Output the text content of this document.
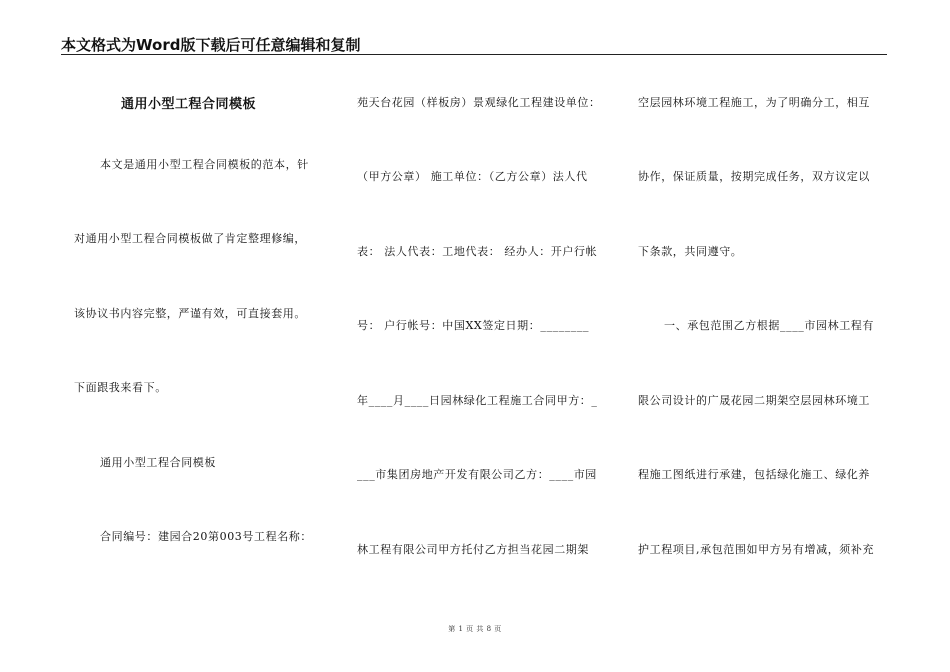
本文格式为Word版下载后可任意编辑和复制
通用小型工程合同模板
本文是通用小型工程合同模板的范本，针
对通用小型工程合同模板做了肯定整理修编，
该协议书内容完整，严谨有效，可直接套用。
下面跟我来看下。
通用小型工程合同模板
合同编号：建园合20第003号工程名称：
苑天台花园（样板房）景观绿化工程建设单位：
（甲方公章） 施工单位：（乙方公章）法人代
表： 法人代表：工地代表： 经办人：开户行帐
号： 户行帐号：中国XX签定日期：________
年____月____日园林绿化工程施工合同甲方：_
___市集团房地产开发有限公司乙方：____市园
林工程有限公司甲方托付乙方担当花园二期架
空层园林环境工程施工，为了明确分工，相互
协作，保证质量，按期完成任务，双方议定以
下条款，共同遵守。
一、承包范围乙方根据____市园林工程有
限公司设计的广晟花园二期架空层园林环境工
程施工图纸进行承建，包括绿化施工、绿化养
护工程项目,承包范围如甲方另有增减，须补充
第 1 页 共 8 页
